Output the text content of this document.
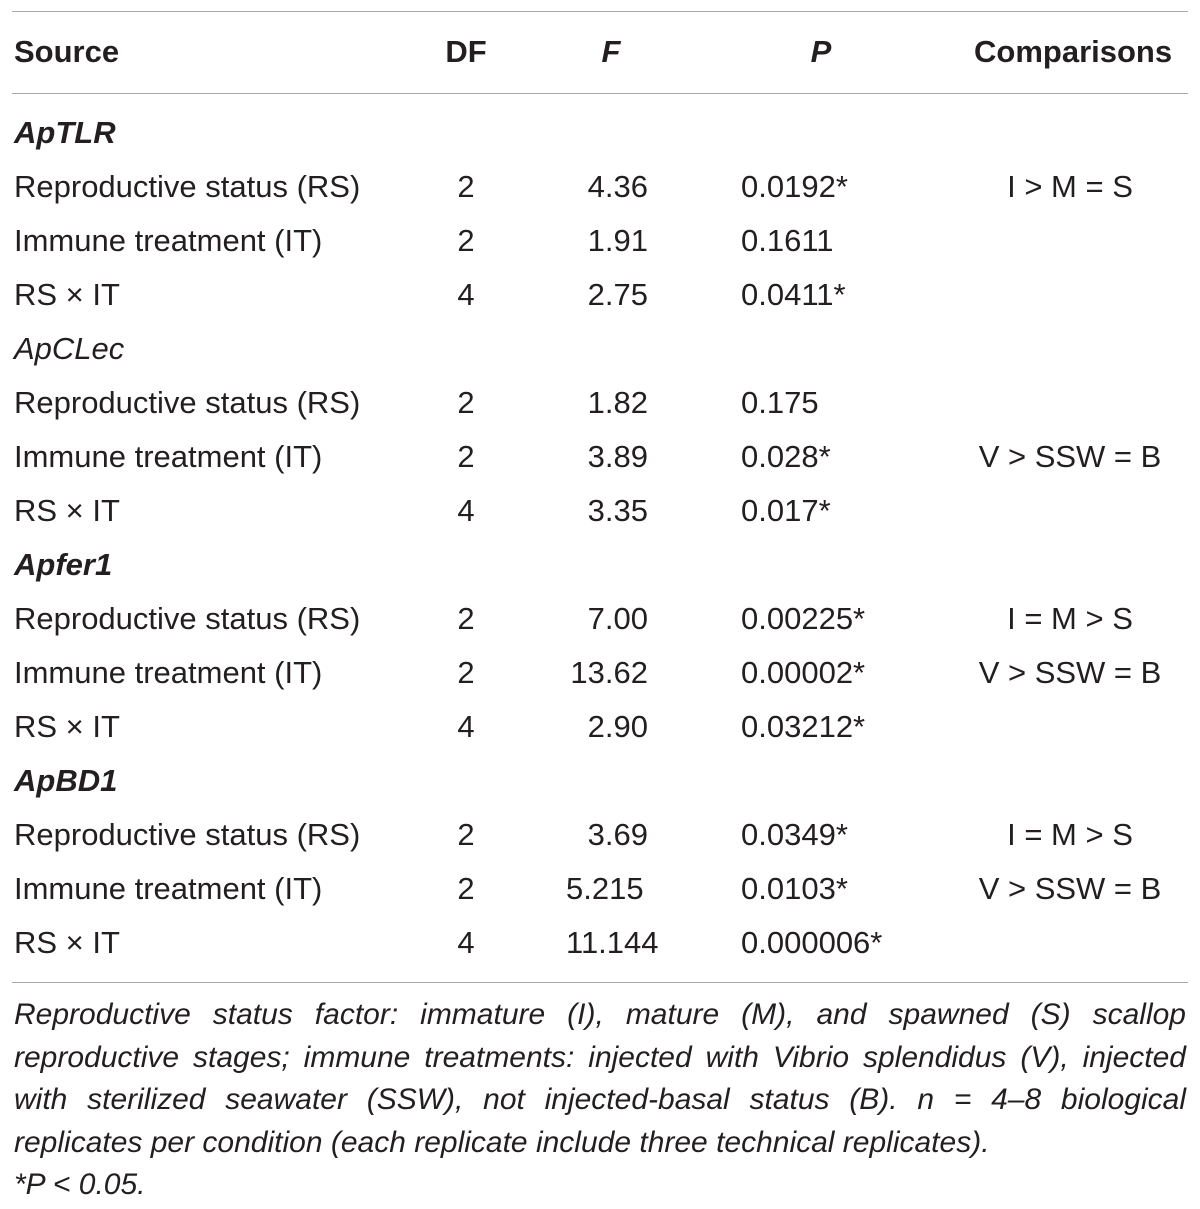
Source	DF	F	P	Comparisons
ApTLR
Reproductive status (RS)	2	4.36	0.0192*	I > M = S
Immune treatment (IT)	2	1.91	0.1611
RS × IT	4	2.75	0.0411*
ApCLec
Reproductive status (RS)	2	1.82	0.175
Immune treatment (IT)	2	3.89	0.028*	V > SSW = B
RS × IT	4	3.35	0.017*
Apfer1
Reproductive status (RS)	2	7.00	0.00225*	I = M > S
Immune treatment (IT)	2	13.62	0.00002*	V > SSW = B
RS × IT	4	2.90	0.03212*
ApBD1
Reproductive status (RS)	2	3.69	0.0349*	I = M > S
Immune treatment (IT)	2	5.215	0.0103*	V > SSW = B
RS × IT	4	11.144	0.000006*

Reproductive status factor: immature (I), mature (M), and spawned (S) scallop reproductive stages; immune treatments: injected with Vibrio splendidus (V), injected with sterilized seawater (SSW), not injected-basal status (B). n = 4–8 biological replicates per condition (each replicate include three technical replicates).

*P < 0.05.
